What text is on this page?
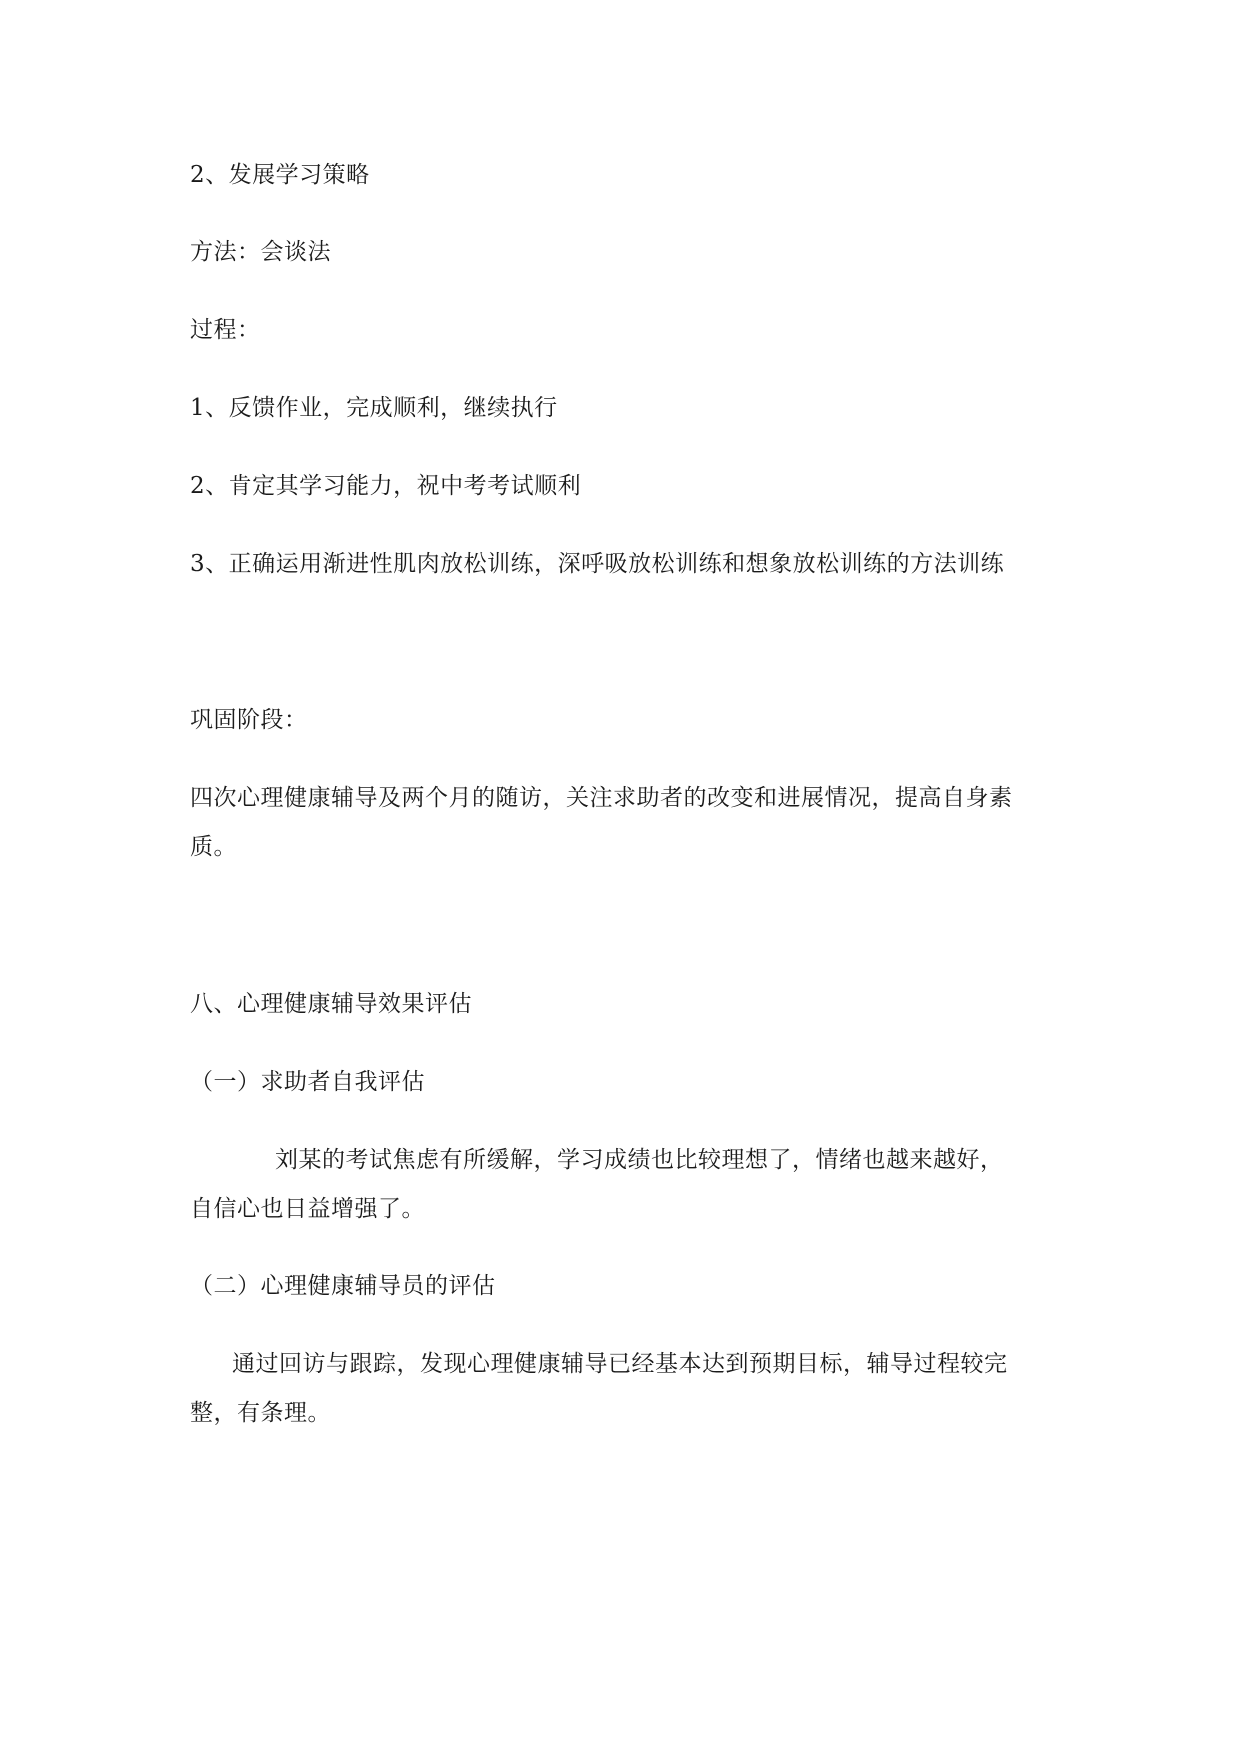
2、发展学习策略
方法：会谈法
过程：
1、反馈作业，完成顺利，继续执行
2、肯定其学习能力，祝中考考试顺利
3、正确运用渐进性肌肉放松训练，深呼吸放松训练和想象放松训练的方法训练
巩固阶段：
四次心理健康辅导及两个月的随访，关注求助者的改变和进展情况，提高自身素
质。
八、心理健康辅导效果评估
（一）求助者自我评估
刘某的考试焦虑有所缓解，学习成绩也比较理想了，情绪也越来越好，
自信心也日益增强了。
（二）心理健康辅导员的评估
通过回访与跟踪，发现心理健康辅导已经基本达到预期目标，辅导过程较完
整，有条理。
